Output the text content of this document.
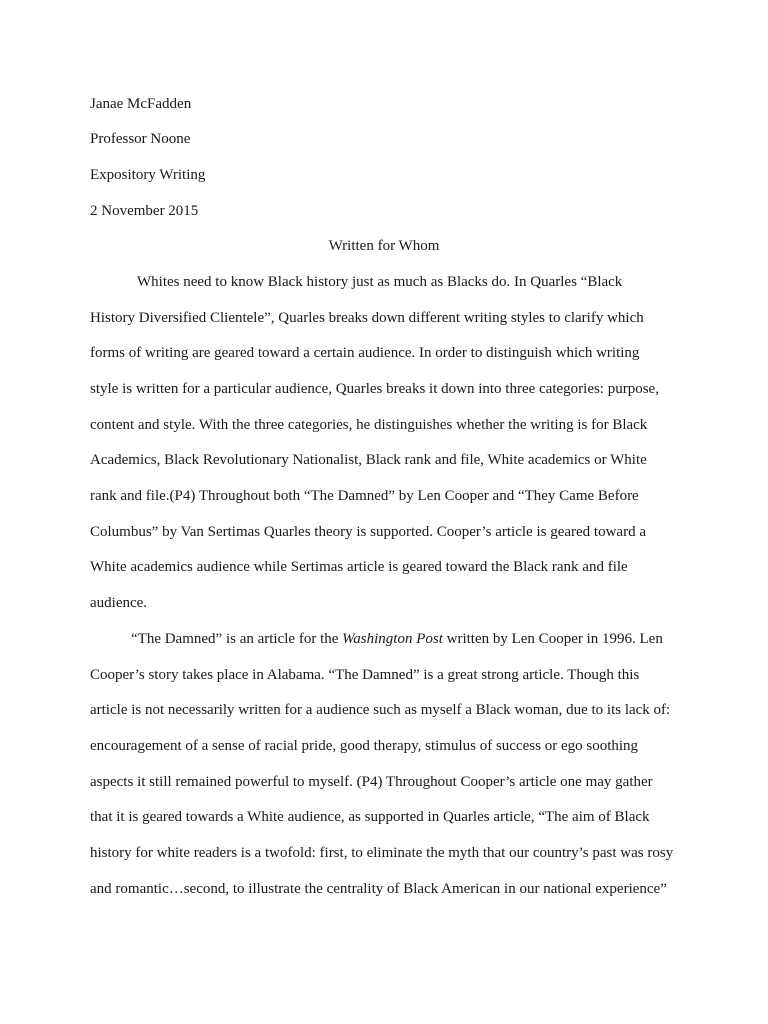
Janae McFadden
Professor Noone
Expository Writing
2 November 2015
Written for Whom
Whites need to know Black history just as much as Blacks do. In Quarles “Black
History Diversified Clientele”, Quarles breaks down different writing styles to clarify which
forms of writing are geared toward a certain audience. In order to distinguish which writing
style is written for a particular audience, Quarles breaks it down into three categories: purpose,
content and style. With the three categories, he distinguishes whether the writing is for Black
Academics, Black Revolutionary Nationalist, Black rank and file, White academics or White
rank and file.(P4) Throughout both “The Damned” by Len Cooper and “They Came Before
Columbus” by Van Sertimas Quarles theory is supported. Cooper’s article is geared toward a
White academics audience while Sertimas article is geared toward the Black rank and file
audience.
“The Damned” is an article for the Washington Post written by Len Cooper in 1996. Len
Cooper’s story takes place in Alabama. “The Damned” is a great strong article. Though this
article is not necessarily written for a audience such as myself a Black woman, due to its lack of:
encouragement of a sense of racial pride, good therapy, stimulus of success or ego soothing
aspects it still remained powerful to myself. (P4) Throughout Cooper’s article one may gather
that it is geared towards a White audience, as supported in Quarles article, “The aim of Black
history for white readers is a twofold: first, to eliminate the myth that our country’s past was rosy
and romantic…second, to illustrate the centrality of Black American in our national experience”
